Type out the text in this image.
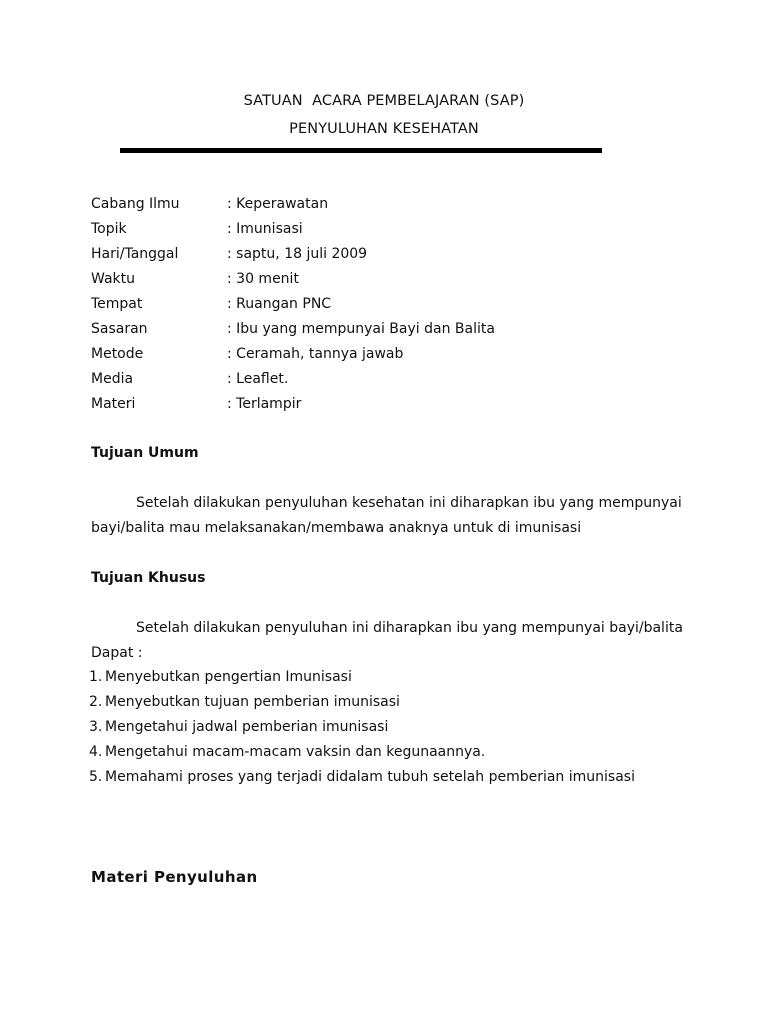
SATUAN  ACARA PEMBELAJARAN (SAP)
PENYULUHAN KESEHATAN
Cabang Ilmu	: Keperawatan
Topik	: Imunisasi
Hari/Tanggal	: saptu, 18 juli 2009
Waktu	: 30 menit
Tempat	: Ruangan PNC
Sasaran	: Ibu yang mempunyai Bayi dan Balita
Metode	: Ceramah, tannya jawab
Media	: Leaflet.
Materi	: Terlampir
Tujuan Umum
Setelah dilakukan penyuluhan kesehatan ini diharapkan ibu yang mempunyai
bayi/balita mau melaksanakan/membawa anaknya untuk di imunisasi
Tujuan Khusus
Setelah dilakukan penyuluhan ini diharapkan ibu yang mempunyai bayi/balita
Dapat :
1. Menyebutkan pengertian Imunisasi
2. Menyebutkan tujuan pemberian imunisasi
3. Mengetahui jadwal pemberian imunisasi
4. Mengetahui macam-macam vaksin dan kegunaannya.
5. Memahami proses yang terjadi didalam tubuh setelah pemberian imunisasi
Materi Penyuluhan
